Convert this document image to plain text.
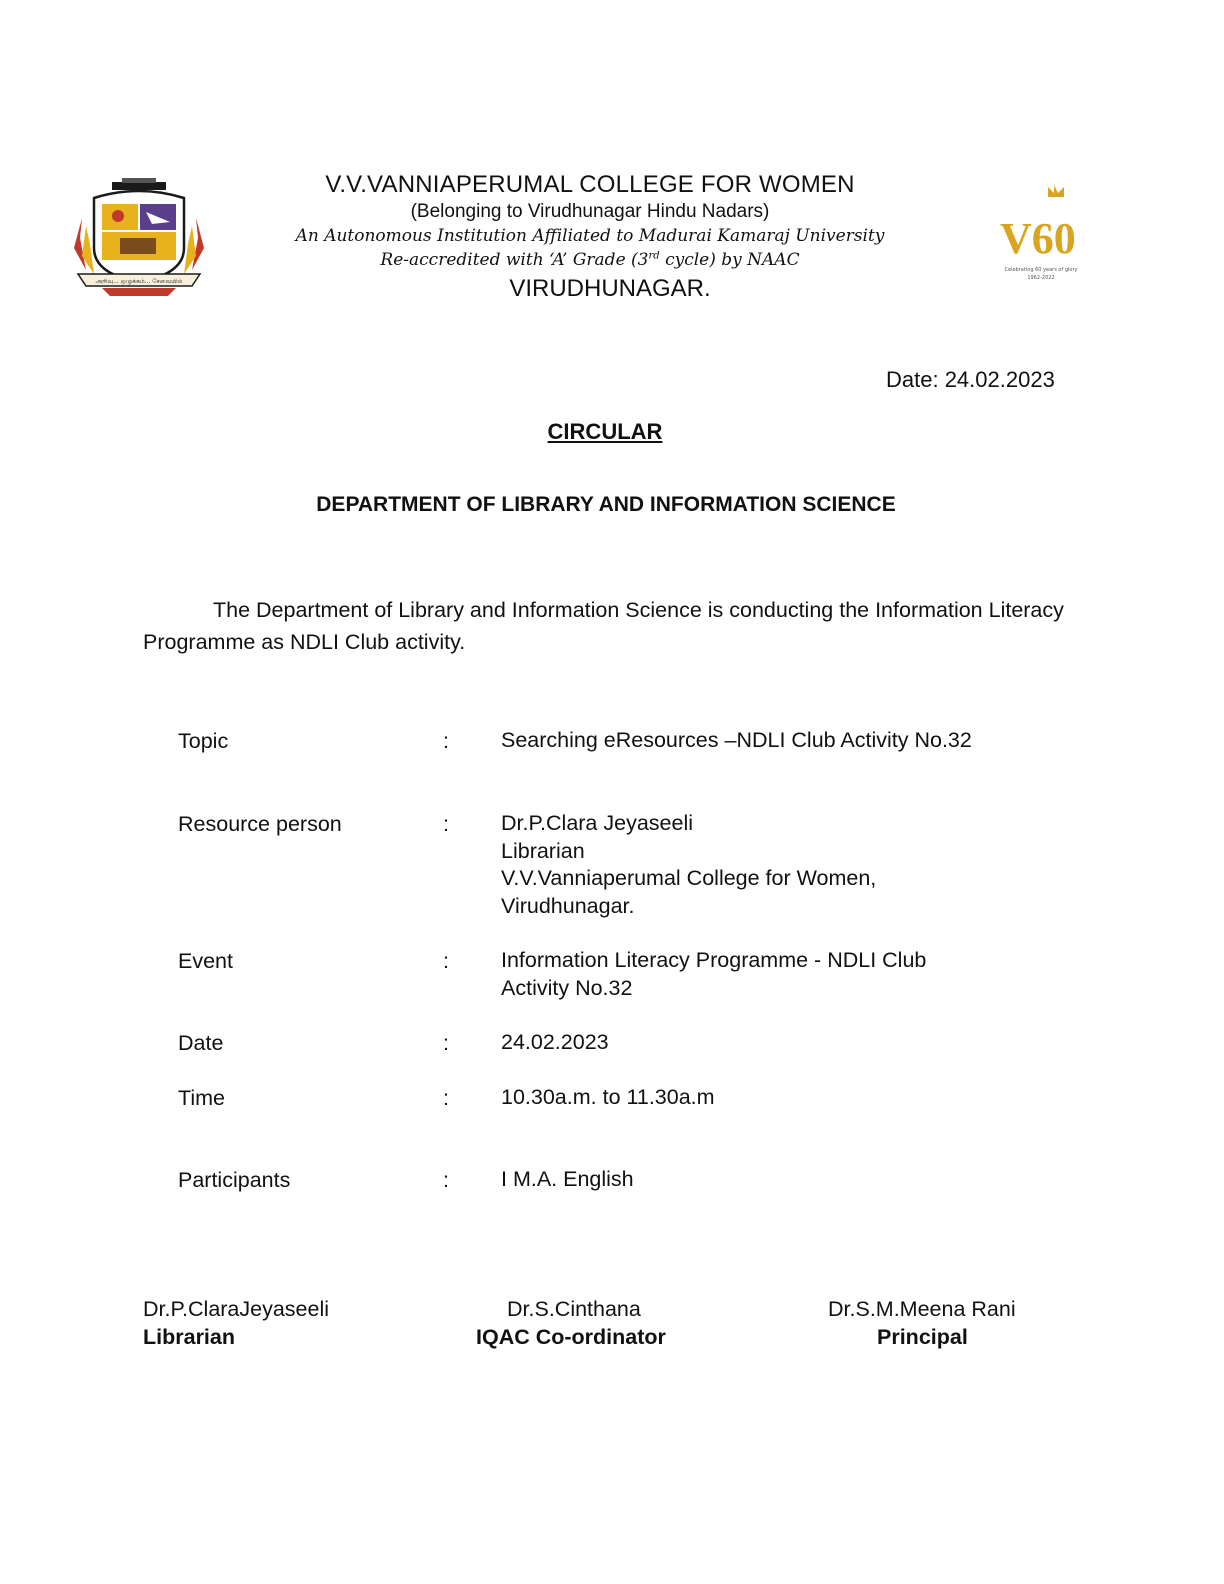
அறிவு... ஒழுக்கம்... சேவையில்
V60
Celebrating 60 years of glory
1962-2022
V.V.VANNIAPERUMAL COLLEGE FOR WOMEN
(Belonging to Virudhunagar Hindu Nadars)
An Autonomous Institution Affiliated to Madurai Kamaraj University
Re-accredited with ‘A’ Grade (3rd cycle) by NAAC
VIRUDHUNAGAR.
Date: 24.02.2023
CIRCULAR
DEPARTMENT OF LIBRARY AND INFORMATION SCIENCE
The Department of Library and Information Science is conducting the Information Literacy Programme as NDLI Club activity.
Topic	: Searching eResources –NDLI Club Activity No.32
Resource person	: Dr.P.Clara Jeyaseeli
Librarian
V.V.Vanniaperumal College for Women,
Virudhunagar.
Event	: Information Literacy Programme - NDLI Club
Activity No.32
Date	: 24.02.2023
Time	: 10.30a.m. to 11.30a.m
Participants	: I M.A. English
Dr.P.ClaraJeyaseeli
Librarian
Dr.S.Cinthana
IQAC Co-ordinator
Dr.S.M.Meena Rani
Principal
